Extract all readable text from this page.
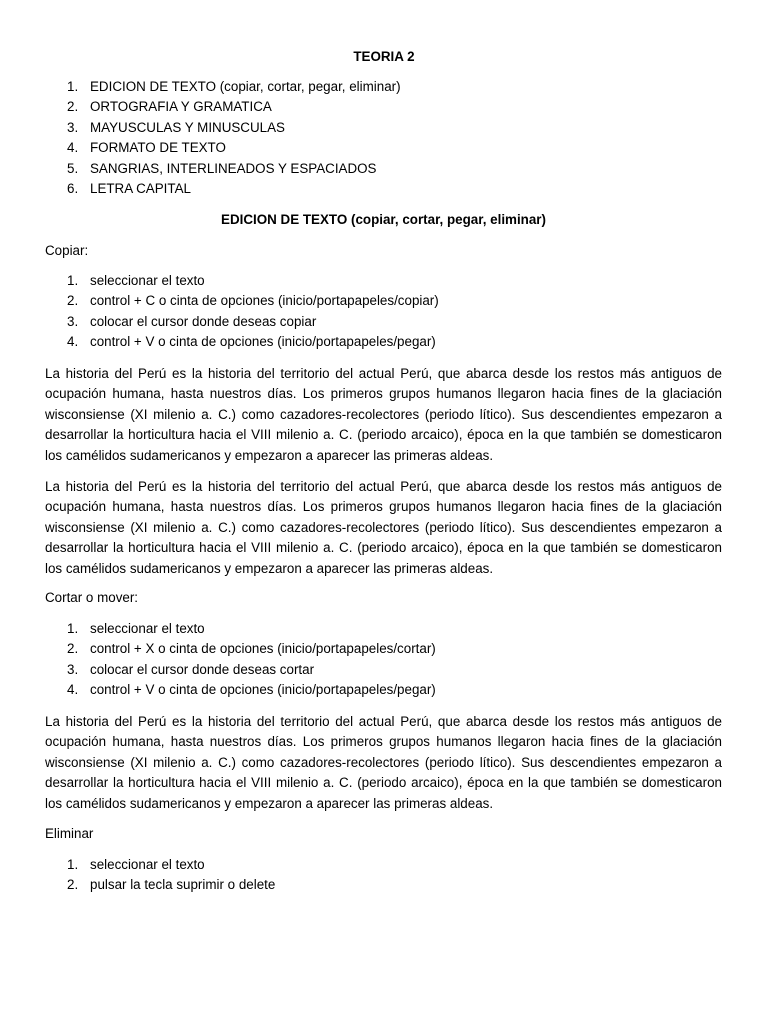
TEORIA 2
1. EDICION DE TEXTO (copiar, cortar, pegar, eliminar)
2. ORTOGRAFIA Y GRAMATICA
3. MAYUSCULAS Y MINUSCULAS
4. FORMATO DE TEXTO
5. SANGRIAS, INTERLINEADOS Y ESPACIADOS
6. LETRA CAPITAL
EDICION DE TEXTO (copiar, cortar, pegar, eliminar)
Copiar:
1. seleccionar el texto
2. control + C o cinta de opciones (inicio/portapapeles/copiar)
3. colocar el cursor donde deseas copiar
4. control + V o cinta de opciones (inicio/portapapeles/pegar)

La historia del Perú es la historia del territorio del actual Perú, que abarca desde los restos más antiguos de ocupación humana, hasta nuestros días. Los primeros grupos humanos llegaron hacia fines de la glaciación wisconsiense (XI milenio a. C.) como cazadores-recolectores (periodo lítico). Sus descendientes empezaron a desarrollar la horticultura hacia el VIII milenio a. C. (periodo arcaico), época en la que también se domesticaron los camélidos sudamericanos y empezaron a aparecer las primeras aldeas.

La historia del Perú es la historia del territorio del actual Perú, que abarca desde los restos más antiguos de ocupación humana, hasta nuestros días. Los primeros grupos humanos llegaron hacia fines de la glaciación wisconsiense (XI milenio a. C.) como cazadores-recolectores (periodo lítico). Sus descendientes empezaron a desarrollar la horticultura hacia el VIII milenio a. C. (periodo arcaico), época en la que también se domesticaron los camélidos sudamericanos y empezaron a aparecer las primeras aldeas.

Cortar o mover:
1. seleccionar el texto
2. control + X o cinta de opciones (inicio/portapapeles/cortar)
3. colocar el cursor donde deseas cortar
4. control + V o cinta de opciones (inicio/portapapeles/pegar)

La historia del Perú es la historia del territorio del actual Perú, que abarca desde los restos más antiguos de ocupación humana, hasta nuestros días. Los primeros grupos humanos llegaron hacia fines de la glaciación wisconsiense (XI milenio a. C.) como cazadores-recolectores (periodo lítico). Sus descendientes empezaron a desarrollar la horticultura hacia el VIII milenio a. C. (periodo arcaico), época en la que también se domesticaron los camélidos sudamericanos y empezaron a aparecer las primeras aldeas.

Eliminar
1. seleccionar el texto
2. pulsar la tecla suprimir o delete
